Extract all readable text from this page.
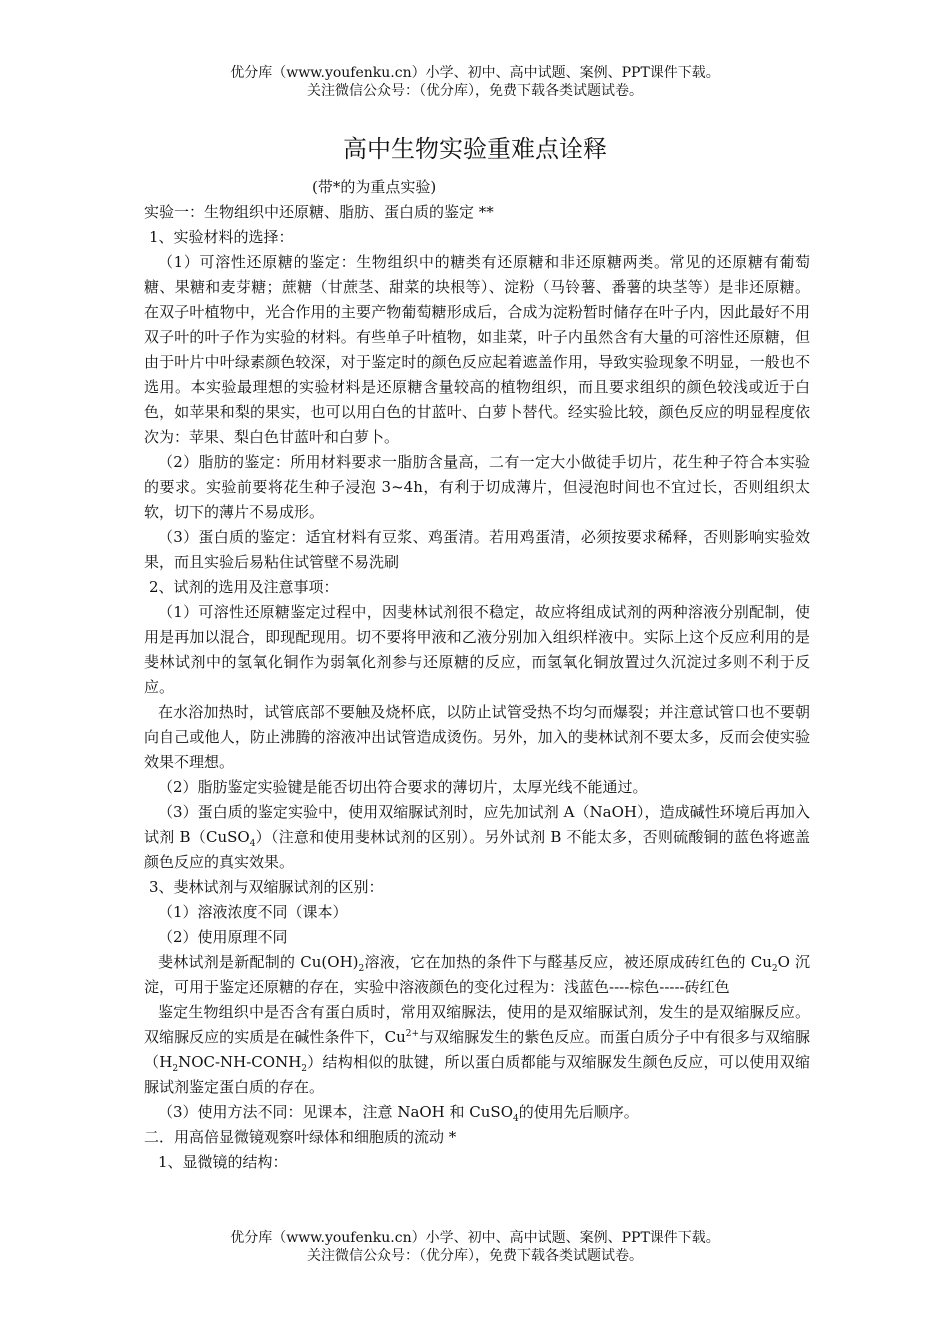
优分库（www.youfenku.cn）小学、初中、高中试题、案例、PPT课件下载。
关注微信公众号：（优分库），免费下载各类试题试卷。
高中生物实验重难点诠释
(带*的为重点实验)

实验一：生物组织中还原糖、脂肪、蛋白质的鉴定 **

1、实验材料的选择：

（1）可溶性还原糖的鉴定：生物组织中的糖类有还原糖和非还原糖两类。常见的还原糖有葡萄糖、果糖和麦芽糖；蔗糖（甘蔗茎、甜菜的块根等）、淀粉（马铃薯、番薯的块茎等）是非还原糖。在双子叶植物中，光合作用的主要产物葡萄糖形成后，合成为淀粉暂时储存在叶子内，因此最好不用双子叶的叶子作为实验的材料。有些单子叶植物，如韭菜，叶子内虽然含有大量的可溶性还原糖，但由于叶片中叶绿素颜色较深，对于鉴定时的颜色反应起着遮盖作用，导致实验现象不明显，一般也不选用。本实验最理想的实验材料是还原糖含量较高的植物组织，而且要求组织的颜色较浅或近于白色，如苹果和梨的果实，也可以用白色的甘蓝叶、白萝卜替代。经实验比较，颜色反应的明显程度依次为：苹果、梨白色甘蓝叶和白萝卜。

（2）脂肪的鉴定：所用材料要求一脂肪含量高，二有一定大小做徒手切片，花生种子符合本实验的要求。实验前要将花生种子浸泡 3~4h，有利于切成薄片，但浸泡时间也不宜过长，否则组织太软，切下的薄片不易成形。

（3）蛋白质的鉴定：适宜材料有豆浆、鸡蛋清。若用鸡蛋清，必须按要求稀释，否则影响实验效果，而且实验后易粘住试管壁不易洗刷

2、试剂的选用及注意事项：

（1）可溶性还原糖鉴定过程中，因斐林试剂很不稳定，故应将组成试剂的两种溶液分别配制，使用是再加以混合，即现配现用。切不要将甲液和乙液分别加入组织样液中。实际上这个反应利用的是斐林试剂中的氢氧化铜作为弱氧化剂参与还原糖的反应，而氢氧化铜放置过久沉淀过多则不利于反应。

在水浴加热时，试管底部不要触及烧杯底，以防止试管受热不均匀而爆裂；并注意试管口也不要朝向自己或他人，防止沸腾的溶液冲出试管造成烫伤。另外，加入的斐林试剂不要太多，反而会使实验效果不理想。

（2）脂肪鉴定实验键是能否切出符合要求的薄切片，太厚光线不能通过。

（3）蛋白质的鉴定实验中，使用双缩脲试剂时，应先加试剂 A（NaOH），造成碱性环境后再加入试剂 B（CuSO$_4$）（注意和使用斐林试剂的区别）。另外试剂 B 不能太多，否则硫酸铜的蓝色将遮盖颜色反应的真实效果。

3、斐林试剂与双缩脲试剂的区别：

（1）溶液浓度不同（课本）

（2）使用原理不同

斐林试剂是新配制的 $Cu(OH)_2$溶液，它在加热的条件下与醛基反应，被还原成砖红色的 $Cu_2O$ 沉淀，可用于鉴定还原糖的存在，实验中溶液颜色的变化过程为：浅蓝色----棕色-----砖红色

鉴定生物组织中是否含有蛋白质时，常用双缩脲法，使用的是双缩脲试剂，发生的是双缩脲反应。双缩脲反应的实质是在碱性条件下，$Cu^{2+}$与双缩脲发生的紫色反应。而蛋白质分子中有很多与双缩脲$(H_2NOC-NH-CONH_2)$结构相似的肽键，所以蛋白质都能与双缩脲发生颜色反应，可以使用双缩脲试剂鉴定蛋白质的存在。

（3）使用方法不同：见课本，注意 NaOH 和 CuSO$_4$的使用先后顺序。

二．用高倍显微镜观察叶绿体和细胞质的流动 *

1、显微镜的结构：

优分库（www.youfenku.cn）小学、初中、高中试题、案例、PPT课件下载。
关注微信公众号：（优分库），免费下载各类试题试卷。
